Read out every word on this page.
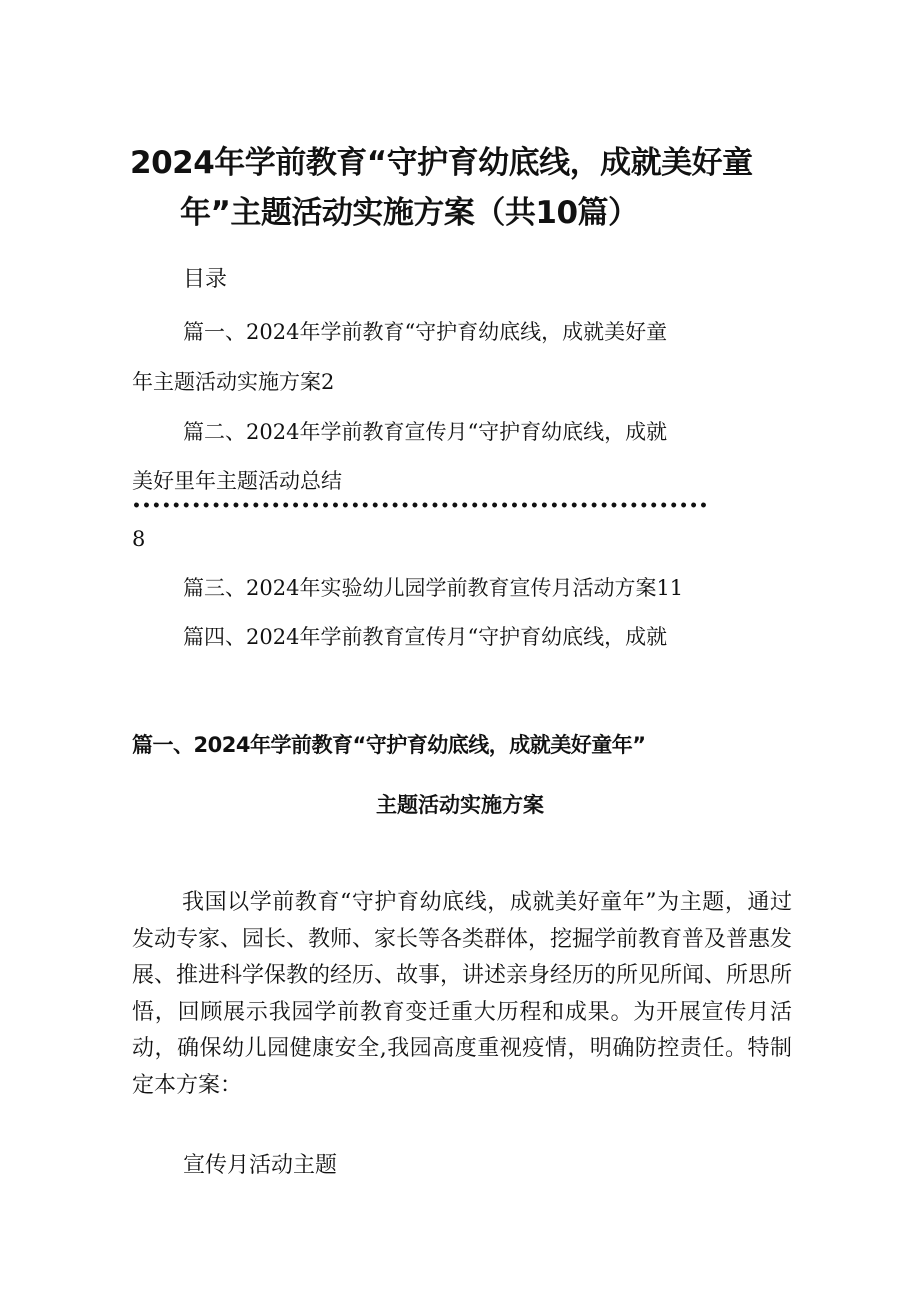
2024年学前教育“守护育幼底线，成就美好童
年”主题活动实施方案（共10篇）
目录
篇一、2024年学前教育“守护育幼底线，成就美好童
年主题活动实施方案2
篇二、2024年学前教育宣传月“守护育幼底线，成就
美好里年主题活动总结
••••••••••••••••••••••••••••••••••••••••••••••••••••••••••
8
篇三、2024年实验幼儿园学前教育宣传月活动方案11
篇四、2024年学前教育宣传月“守护育幼底线，成就
篇一、2024年学前教育“守护育幼底线，成就美好童年”
主题活动实施方案

我国以学前教育“守护育幼底线，成就美好童年”为主题，通过发动专家、园长、教师、家长等各类群体，挖掘学前教育普及普惠发展、推进科学保教的经历、故事，讲述亲身经历的所见所闻、所思所悟，回顾展示我园学前教育变迁重大历程和成果。为开展宣传月活动，确保幼儿园健康安全,我园高度重视疫情，明确防控责任。特制定本方案：

宣传月活动主题
